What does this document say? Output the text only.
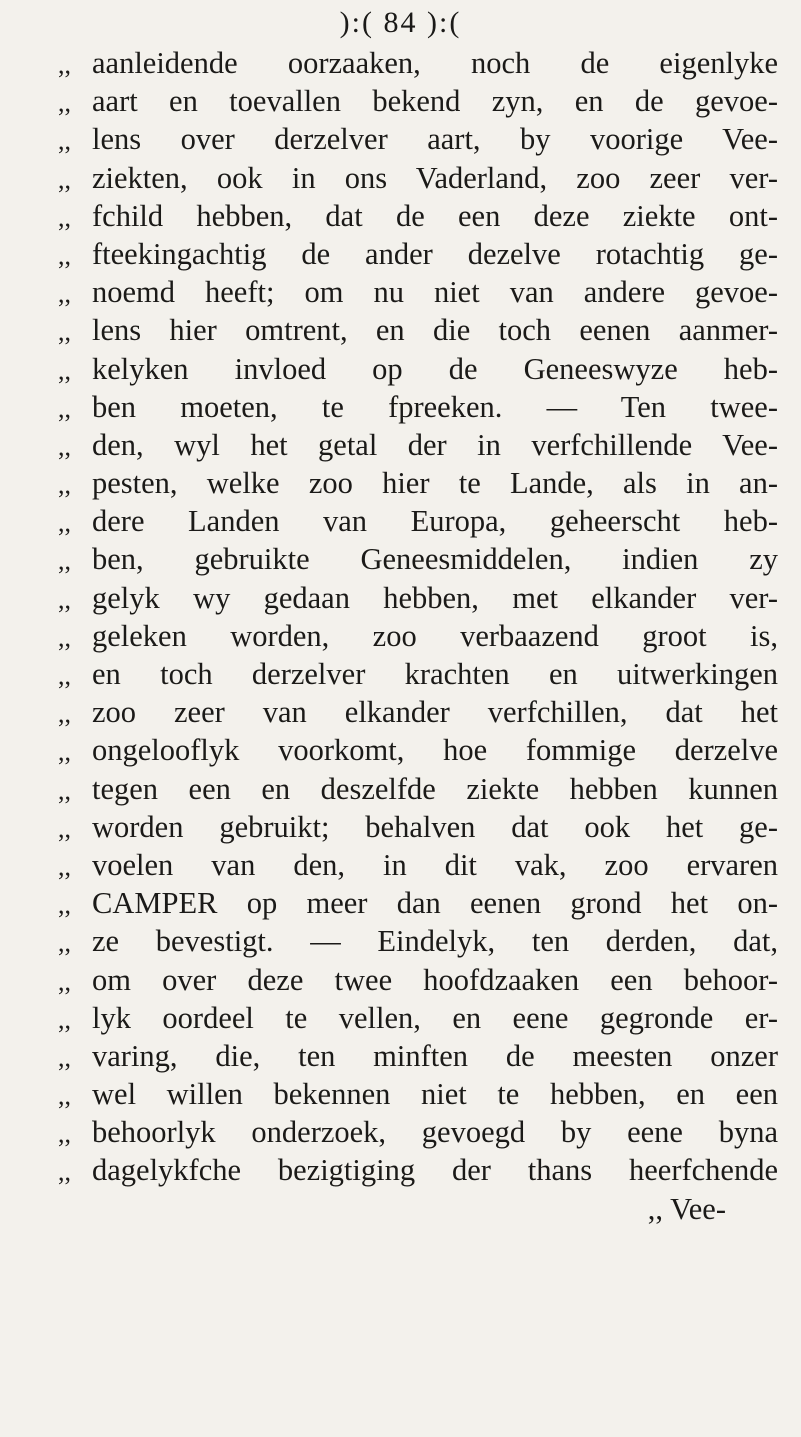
):( 84 ):(
,, aanleidende oorzaaken, noch de eigenlyke
,, aart en toevallen bekend zyn, en de gevoe-
,, lens over derzelver aart, by voorige Vee-
,, ziekten, ook in ons Vaderland, zoo zeer ver-
,, fchild hebben, dat de een deze ziekte ont-
,, fteekingachtig de ander dezelve rotachtig ge-
,, noemd heeft; om nu niet van andere gevoe-
,, lens hier omtrent, en die toch eenen aanmer-
,, kelyken invloed op de Geneeswyze heb-
,, ben moeten, te fpreeken. — Ten twee-
,, den, wyl het getal der in verfchillende Vee-
,, pesten, welke zoo hier te Lande, als in an-
,, dere Landen van Europa, geheerscht heb-
,, ben, gebruikte Geneesmiddelen, indien zy
,, gelyk wy gedaan hebben, met elkander ver-
,, geleken worden, zoo verbaazend groot is,
,, en toch derzelver krachten en uitwerkingen
,, zoo zeer van elkander verfchillen, dat het
,, ongelooflyk voorkomt, hoe fommige derzelve
,, tegen een en deszelfde ziekte hebben kunnen
,, worden gebruikt; behalven dat ook het ge-
,, voelen van den, in dit vak, zoo ervaren
,, CAMPER op meer dan eenen grond het on-
,, ze bevestigt. — Eindelyk, ten derden, dat,
,, om over deze twee hoofdzaaken een behoor-
,, lyk oordeel te vellen, en eene gegronde er-
,, varing, die, ten minften de meesten onzer
,, wel willen bekennen niet te hebben, en een
,, behoorlyk onderzoek, gevoegd by eene byna
,, dagelykfche bezigtiging der thans heerfchende
,, Vee-
